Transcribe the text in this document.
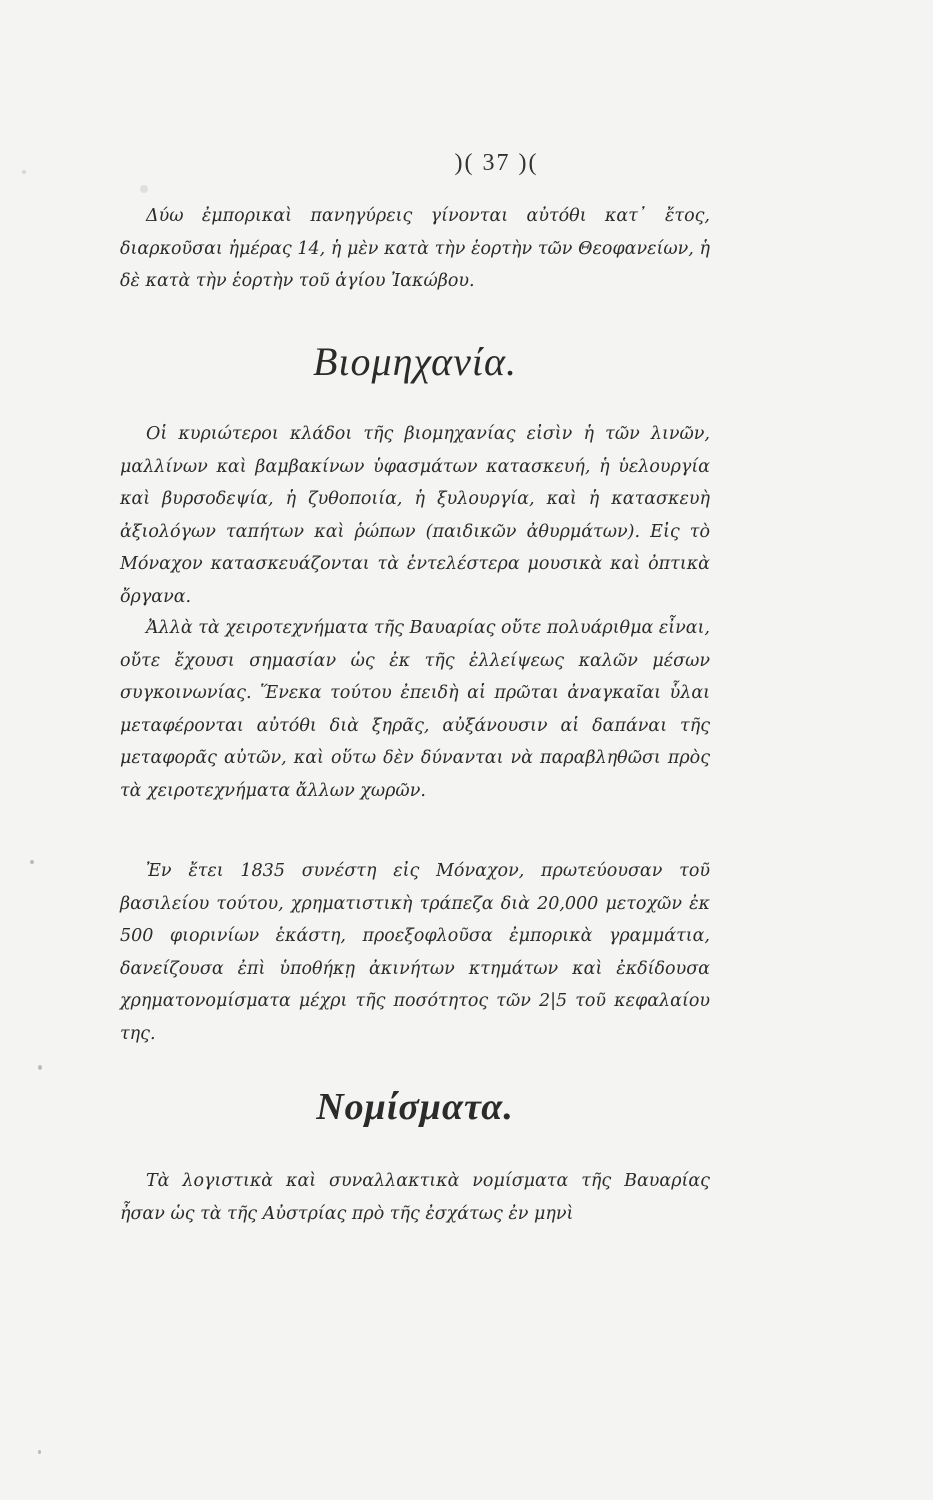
)( 37 )(

Δύω ἐμπορικαὶ πανηγύρεις γίνονται αὐτόθι κατ᾽ ἔτος, διαρκοῦσαι ἡμέρας 14, ἡ μὲν κατὰ τὴν ἑορτὴν τῶν Θεοφανείων, ἡ δὲ κατὰ τὴν ἑορτὴν τοῦ ἁγίου Ἰακώβου.

Βιομηχανία.

Οἱ κυριώτεροι κλάδοι τῆς βιομηχανίας εἰσὶν ἡ τῶν λινῶν, μαλλίνων καὶ βαμβακίνων ὑφασμάτων κατασκευή, ἡ ὑελουργία καὶ βυρσοδεψία, ἡ ζυθοποιία, ἡ ξυλουργία, καὶ ἡ κατασκευὴ ἀξιολόγων ταπήτων καὶ ῥώπων (παιδικῶν ἀθυρμάτων). Εἰς τὸ Μόναχον κατασκευάζονται τὰ ἐντελέστερα μουσικὰ καὶ ὀπτικὰ ὄργανα.

Ἀλλὰ τὰ χειροτεχνήματα τῆς Βαυαρίας οὔτε πολυάριθμα εἶναι, οὔτε ἔχουσι σημασίαν ὡς ἐκ τῆς ἐλλείψεως καλῶν μέσων συγκοινωνίας. Ἕνεκα τούτου ἐπειδὴ αἱ πρῶται ἀναγκαῖαι ὗλαι μεταφέρονται αὐτόθι διὰ ξηρᾶς, αὐξάνουσιν αἱ δαπάναι τῆς μεταφορᾶς αὐτῶν, καὶ οὕτω δὲν δύνανται νὰ παραβληθῶσι πρὸς τὰ χειροτεχνήματα ἄλλων χωρῶν.

Ἐν ἔτει 1835 συνέστη εἰς Μόναχον, πρωτεύουσαν τοῦ βασιλείου τούτου, χρηματιστικὴ τράπεζα διὰ 20,000 μετοχῶν ἐκ 500 φιορινίων ἑκάστη, προεξοφλοῦσα ἐμπορικὰ γραμμάτια, δανείζουσα ἐπὶ ὑποθήκῃ ἀκινήτων κτημάτων καὶ ἐκδίδουσα χρηματονομίσματα μέχρι τῆς ποσότητος τῶν 2|5 τοῦ κεφαλαίου της.

Νομίσματα.

Τὰ λογιστικὰ καὶ συναλλακτικὰ νομίσματα τῆς Βαυαρίας ἦσαν ὡς τὰ τῆς Αὐστρίας πρὸ τῆς ἐσχάτως ἐν μηνὶ
